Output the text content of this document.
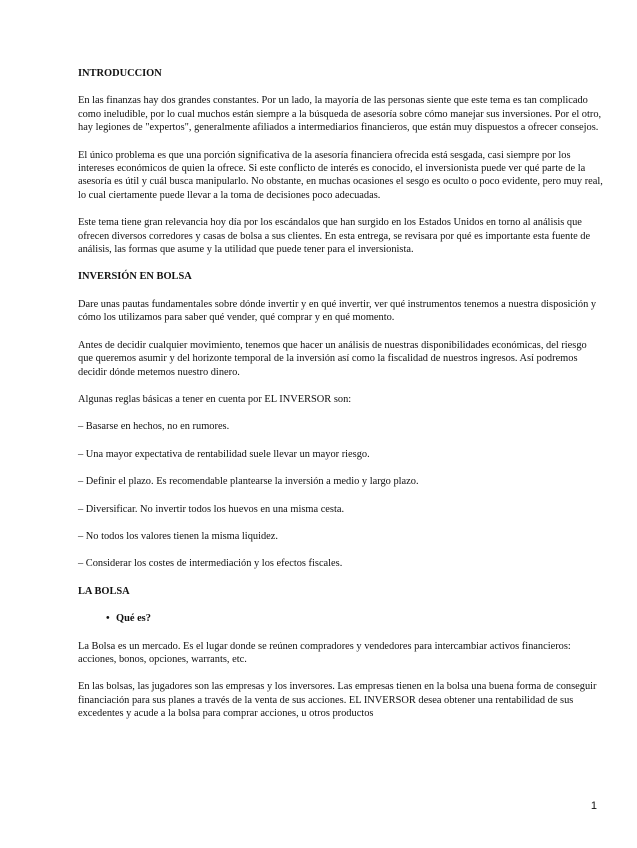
INTRODUCCION
En las finanzas hay dos grandes constantes. Por un lado, la mayoría de las personas siente que este tema es tan complicado como ineludible, por lo cual muchos están siempre a la búsqueda de asesoría sobre cómo manejar sus inversiones. Por el otro, hay legiones de "expertos", generalmente afiliados a intermediarios financieros, que están muy dispuestos a ofrecer consejos.
El único problema es que una porción significativa de la asesoría financiera ofrecida está sesgada, casi siempre por los intereses económicos de quien la ofrece. Si este conflicto de interés es conocido, el inversionista puede ver qué parte de la asesoría es útil y cuál busca manipularlo. No obstante, en muchas ocasiones el sesgo es oculto o poco evidente, pero muy real, lo cual ciertamente puede llevar a la toma de decisiones poco adecuadas.
Este tema tiene gran relevancia hoy día por los escándalos que han surgido en los Estados Unidos en torno al análisis que ofrecen diversos corredores y casas de bolsa a sus clientes. En esta entrega, se revisara por qué es importante esta fuente de análisis, las formas que asume y la utilidad que puede tener para el inversionista.
INVERSIÓN EN BOLSA
Dare unas pautas fundamentales sobre dónde invertir y en qué invertir, ver qué instrumentos tenemos a nuestra disposición y cómo los utilizamos para saber qué vender, qué comprar y en qué momento.
Antes de decidir cualquier movimiento, tenemos que hacer un análisis de nuestras disponibilidades económicas, del riesgo que queremos asumir y del horizonte temporal de la inversión así como la fiscalidad de nuestros ingresos. Así podremos decidir dónde metemos nuestro dinero.
Algunas reglas básicas a tener en cuenta por EL INVERSOR son:
– Basarse en hechos, no en rumores.
– Una mayor expectativa de rentabilidad suele llevar un mayor riesgo.
– Definir el plazo. Es recomendable plantearse la inversión a medio y largo plazo.
– Diversificar. No invertir todos los huevos en una misma cesta.
– No todos los valores tienen la misma liquidez.
– Considerar los costes de intermediación y los efectos fiscales.
LA BOLSA
• Qué es?
La Bolsa es un mercado. Es el lugar donde se reúnen compradores y vendedores para intercambiar activos financieros: acciones, bonos, opciones, warrants, etc.
En las bolsas, las jugadores son las empresas y los inversores. Las empresas tienen en la bolsa una buena forma de conseguir financiación para sus planes a través de la venta de sus acciones. EL INVERSOR desea obtener una rentabilidad de sus excedentes y acude a la bolsa para comprar acciones, u otros productos
1
